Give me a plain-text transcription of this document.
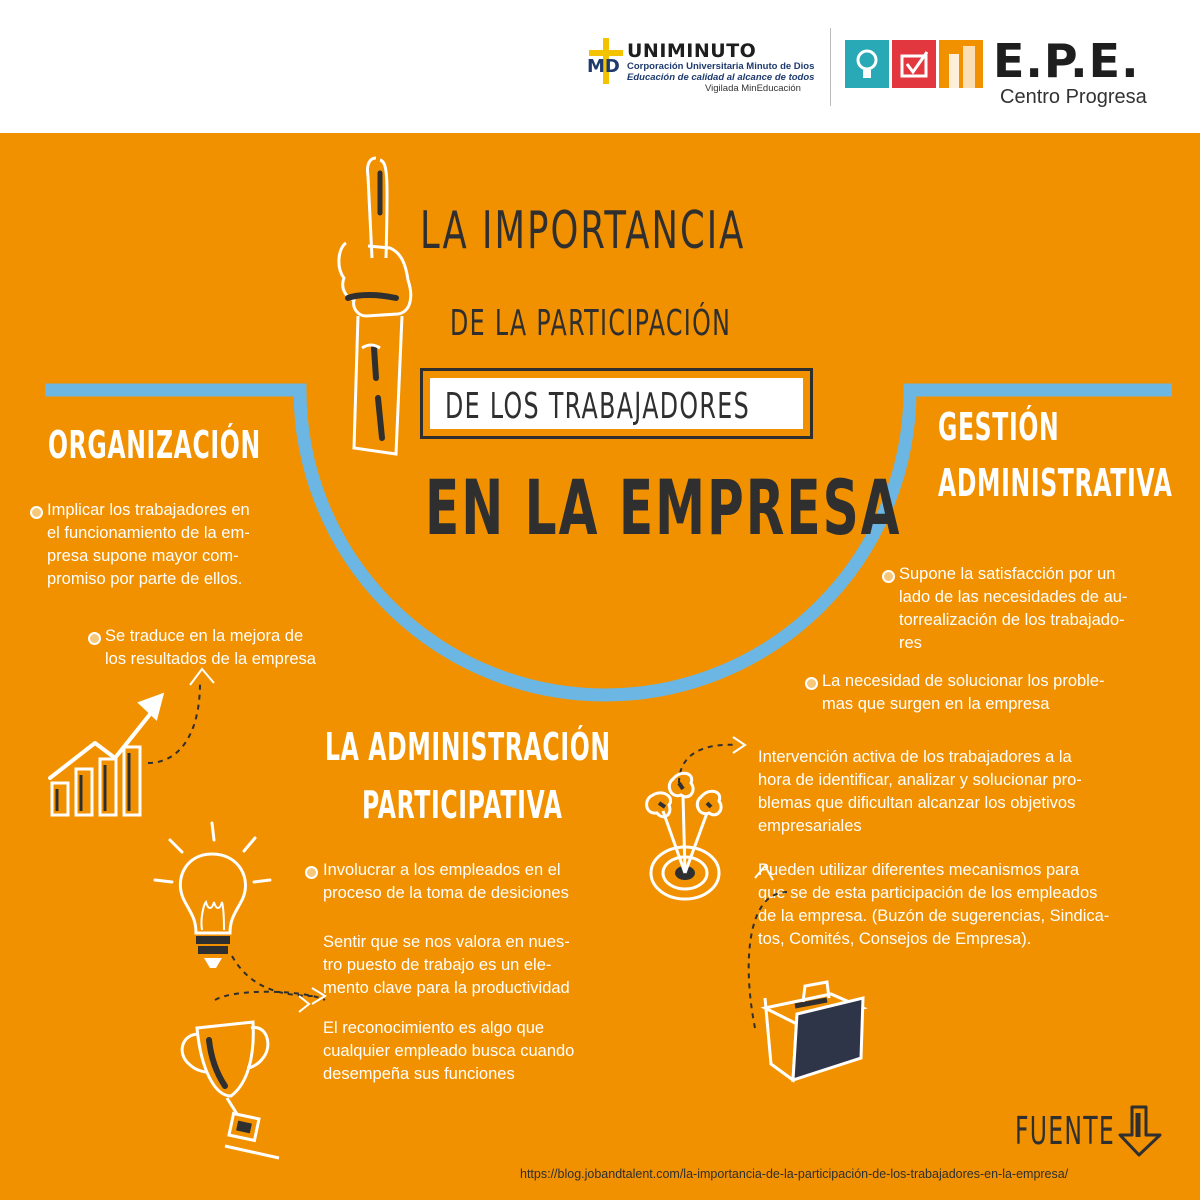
MD
UNIMINUTO
Corporación Universitaria Minuto de Dios
Educación de calidad al alcance de todos
Vigilada MinEducación
E.P.E.
Centro Progresa
LA IMPORTANCIA
DE LA PARTICIPACIÓN
DE LOS TRABAJADORES
EN LA EMPRESA
ORGANIZACIÓN
Implicar los trabajadores en
el funcionamiento de la em-
presa supone mayor com-
promiso por parte de ellos.
Se traduce en la mejora de
los resultados de la empresa
GESTIÓN
ADMINISTRATIVA
Supone la satisfacción por un
lado de las necesidades de au-
torrealización de los trabajado-
res
La necesidad de solucionar los proble-
mas que surgen en la empresa
LA ADMINISTRACIÓN
PARTICIPATIVA
Involucrar a los empleados en el
proceso de la toma de desiciones
Sentir que se nos valora en nues-
tro puesto de trabajo es un ele-
mento clave para la productividad
El reconocimiento es algo que
cualquier empleado busca cuando
desempeña sus funciones
Intervención activa de los trabajadores a la
hora de identificar, analizar y solucionar pro-
blemas que dificultan alcanzar los objetivos
empresariales
Pueden utilizar diferentes mecanismos para
que se de esta participación de los empleados
de la empresa. (Buzón de sugerencias, Sindica-
tos, Comités, Consejos de Empresa).
FUENTE
https://blog.jobandtalent.com/la-importancia-de-la-participación-de-los-trabajadores-en-la-empresa/
